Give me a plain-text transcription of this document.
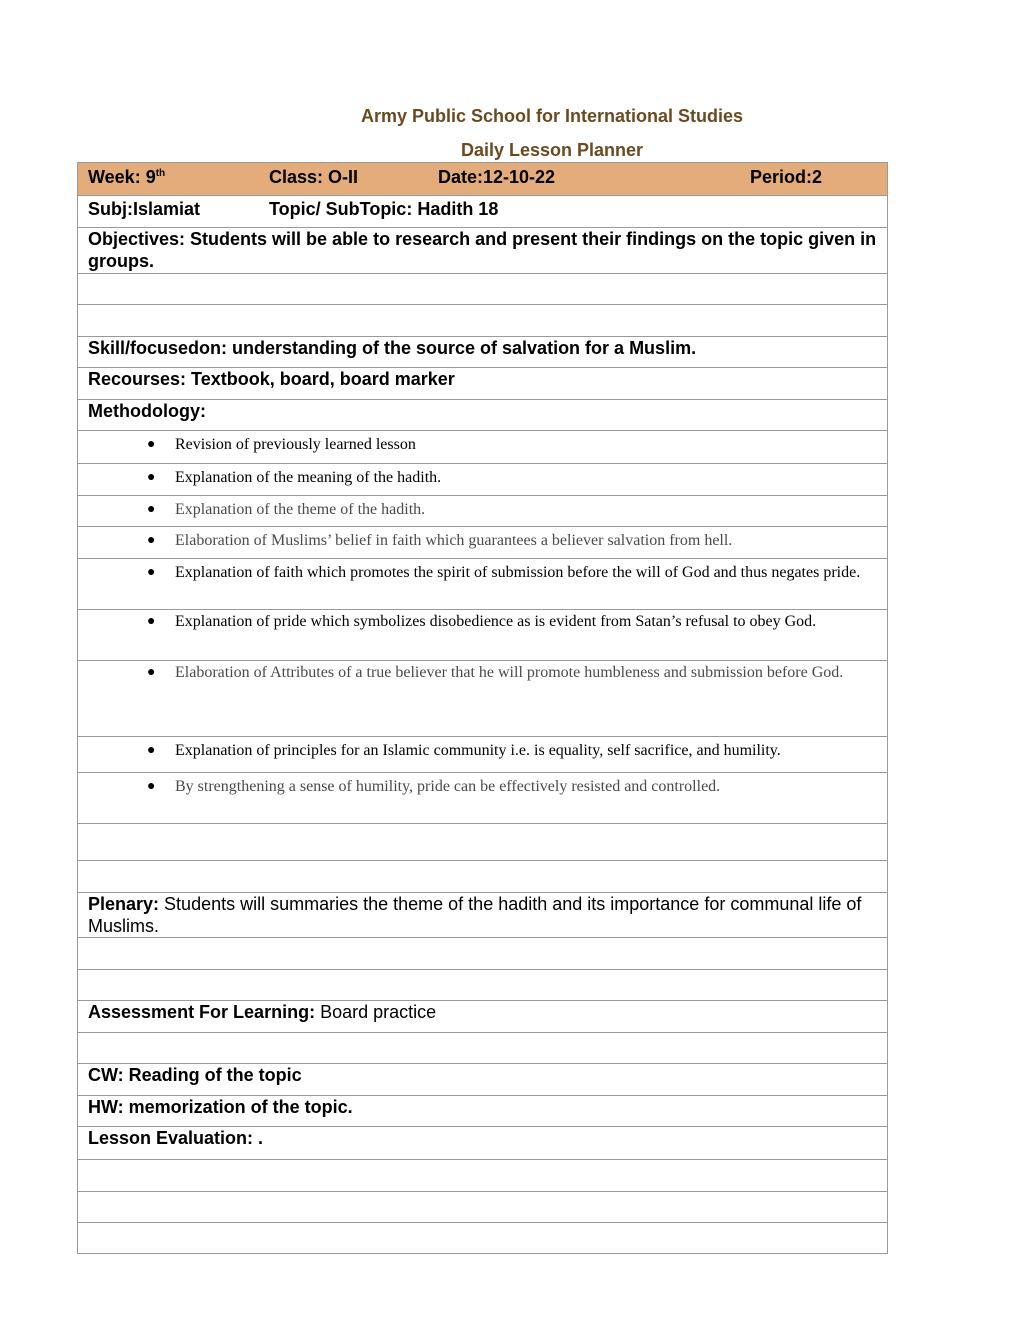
Army Public School for International Studies
Daily Lesson Planner
Week: 9th	Class: O-II	Date:12-10-22	Period:2

Subj:Islamiat	Topic/ SubTopic: Hadith 18

Objectives: Students will be able to research and present their findings on the topic given in groups.

Skill/focusedon: understanding of the source of salvation for a Muslim.
Recourses: Textbook, board, board marker
Methodology:

● Revision of previously learned lesson

● Explanation of the meaning of the hadith.

● Explanation of the theme of the hadith.

● Elaboration of Muslims’ belief in faith which guarantees a believer salvation from hell.

● Explanation of faith which promotes the spirit of submission before the will of God and thus negates pride.

● Explanation of pride which symbolizes disobedience as is evident from Satan’s refusal to obey God.

● Elaboration of Attributes of a true believer that he will promote humbleness and submission before God.

● Explanation of principles for an Islamic community i.e. is equality, self sacrifice, and humility.

● By strengthening a sense of humility, pride can be effectively resisted and controlled.

Plenary: Students will summaries the theme of the hadith and its importance for communal life of Muslims.

Assessment For Learning: Board practice

CW: Reading of the topic
HW: memorization of the topic.
Lesson Evaluation: .
